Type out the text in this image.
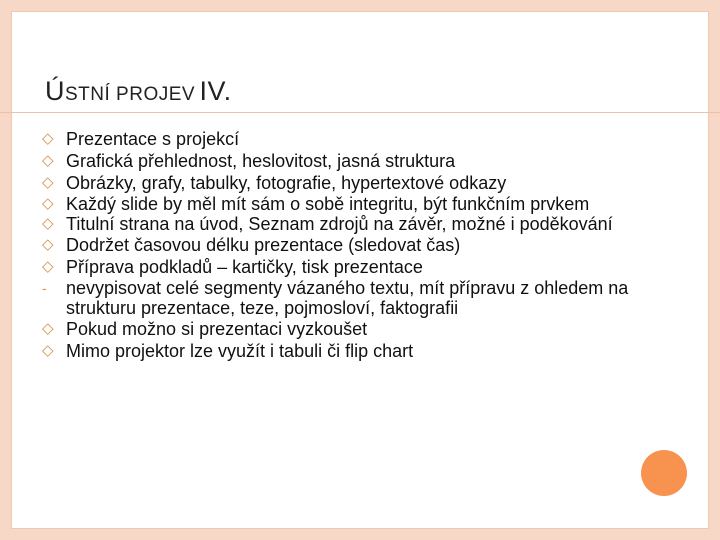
ÚSTNÍ PROJEV IV.
◇ Prezentace s projekcí
◇ Grafická přehlednost, heslovitost, jasná struktura
◇ Obrázky, grafy, tabulky, fotografie, hypertextové odkazy
◇ Každý slide by měl mít sám o sobě integritu, být funkčním prvkem
◇ Titulní strana na úvod, Seznam zdrojů na závěr, možné i poděkování
◇ Dodržet časovou délku prezentace (sledovat čas)
◇ Příprava podkladů – kartičky, tisk prezentace
-	nevypisovat celé segmenty vázaného textu, mít přípravu z ohledem na strukturu prezentace, teze, pojmosloví, faktografii
◇ Pokud možno si prezentaci vyzkoušet
◇ Mimo projektor lze využít i tabuli či flip chart
